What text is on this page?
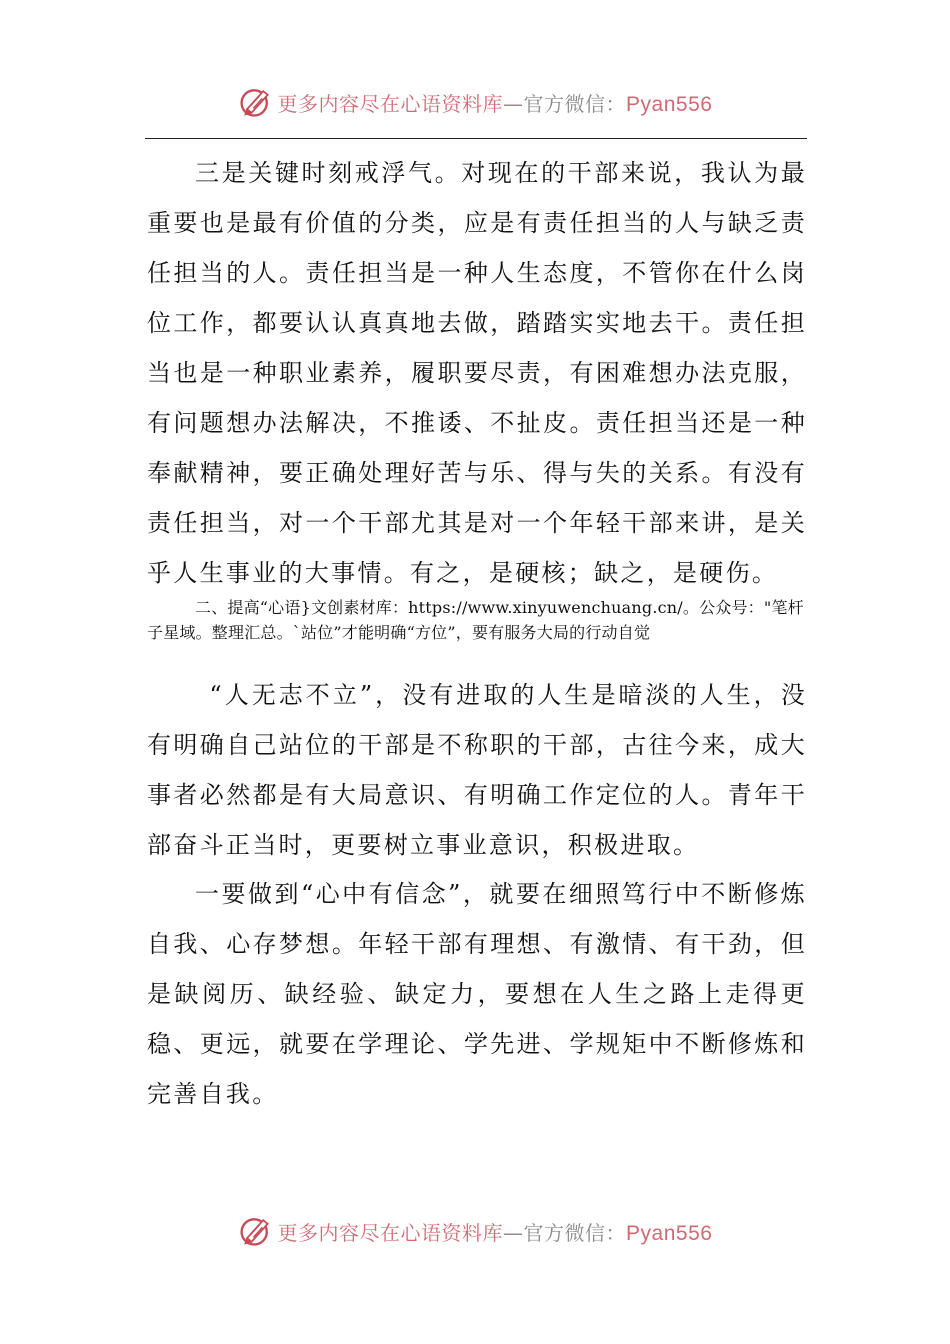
更多内容尽在心语资料库—官方微信：Pyan556

三是关键时刻戒浮气。对现在的干部来说，我认为最重要也是最有价值的分类，应是有责任担当的人与缺乏责任担当的人。责任担当是一种人生态度，不管你在什么岗位工作，都要认认真真地去做，踏踏实实地去干。责任担当也是一种职业素养，履职要尽责，有困难想办法克服，有问题想办法解决，不推诿、不扯皮。责任担当还是一种奉献精神，要正确处理好苦与乐、得与失的关系。有没有责任担当，对一个干部尤其是对一个年轻干部来讲，是关乎人生事业的大事情。有之，是硬核；缺之，是硬伤。

二、提高“心语}文创素材库：https://www.xinyuwenchuang.cn/。公众号："笔杆子星域。整理汇总。`站位”才能明确“方位”，要有服务大局的行动自觉

“人无志不立”，没有进取的人生是暗淡的人生，没有明确自己站位的干部是不称职的干部，古往今来，成大事者必然都是有大局意识、有明确工作定位的人。青年干部奋斗正当时，更要树立事业意识，积极进取。

一要做到“心中有信念”，就要在细照笃行中不断修炼自我、心存梦想。年轻干部有理想、有激情、有干劲，但是缺阅历、缺经验、缺定力，要想在人生之路上走得更稳、更远，就要在学理论、学先进、学规矩中不断修炼和完善自我。

更多内容尽在心语资料库—官方微信：Pyan556
